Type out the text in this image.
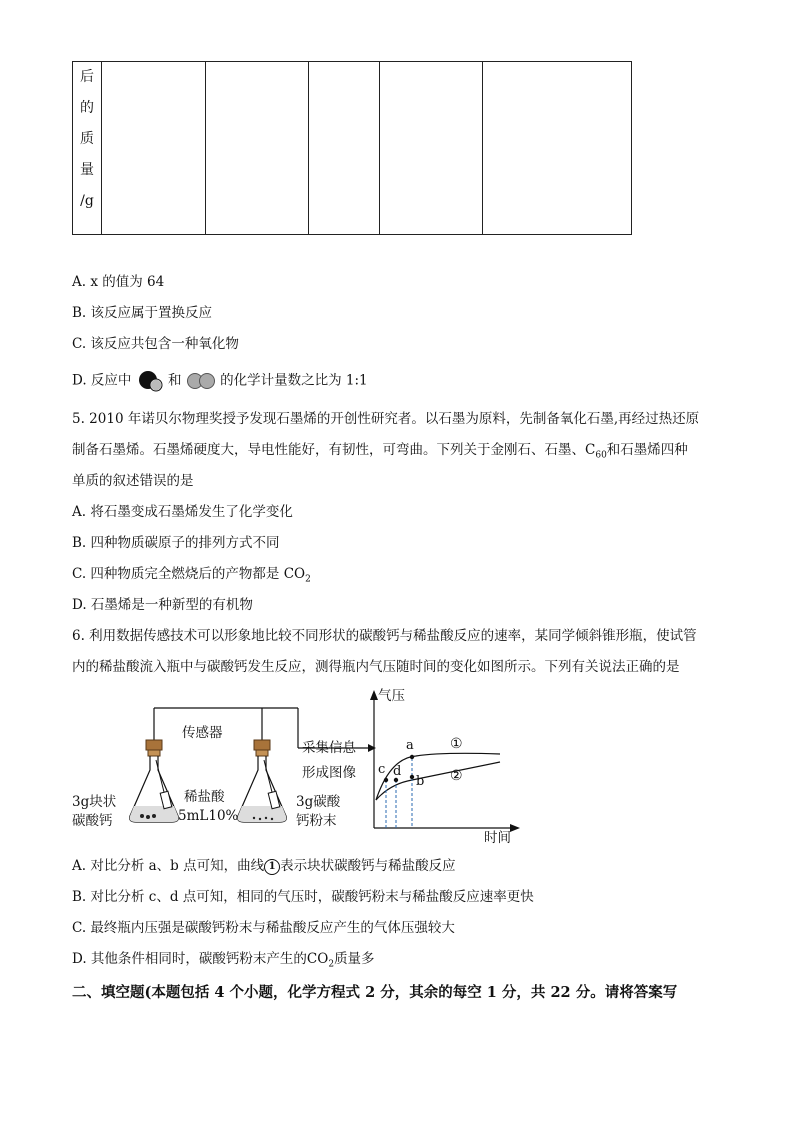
后
的
质
量
/g

A. x 的值为 64
B. 该反应属于置换反应
C. 该反应共包含一种氧化物
D. 反应中	和	的化学计量数之比为 1:1
5. 2010 年诺贝尔物理奖授予发现石墨烯的开创性研究者。以石墨为原料，先制备氧化石墨,再经过热还原
制备石墨烯。石墨烯硬度大，导电性能好，有韧性，可弯曲。下列关于金刚石、石墨、$C_{60}$和石墨烯四种
单质的叙述错误的是
A. 将石墨变成石墨烯发生了化学变化
B. 四种物质碳原子的排列方式不同
C. 四种物质完全燃烧后的产物都是 $CO_2$
D. 石墨烯是一种新型的有机物
6. 利用数据传感技术可以形象地比较不同形状的碳酸钙与稀盐酸反应的速率，某同学倾斜锥形瓶，使试管
内的稀盐酸流入瓶中与碳酸钙发生反应，测得瓶内气压随时间的变化如图所示。下列有关说法正确的是
传感器
采集信息
形成图像
3g块状
碳酸钙
稀盐酸
5mL10%
3g碳酸
钙粉末
气压
时间
a
b
c d
①
②
A. 对比分析 a、b 点可知，曲线 1 表示块状碳酸钙与稀盐酸反应
B. 对比分析 c、d 点可知，相同的气压时，碳酸钙粉末与稀盐酸反应速率更快
C. 最终瓶内压强是碳酸钙粉末与稀盐酸反应产生的气体压强较大
D. 其他条件相同时，碳酸钙粉末产生的$CO_2$质量多
二、填空题(本题包括 4 个小题，化学方程式 2 分，其余的每空 1 分，共 22 分。请将答案写
